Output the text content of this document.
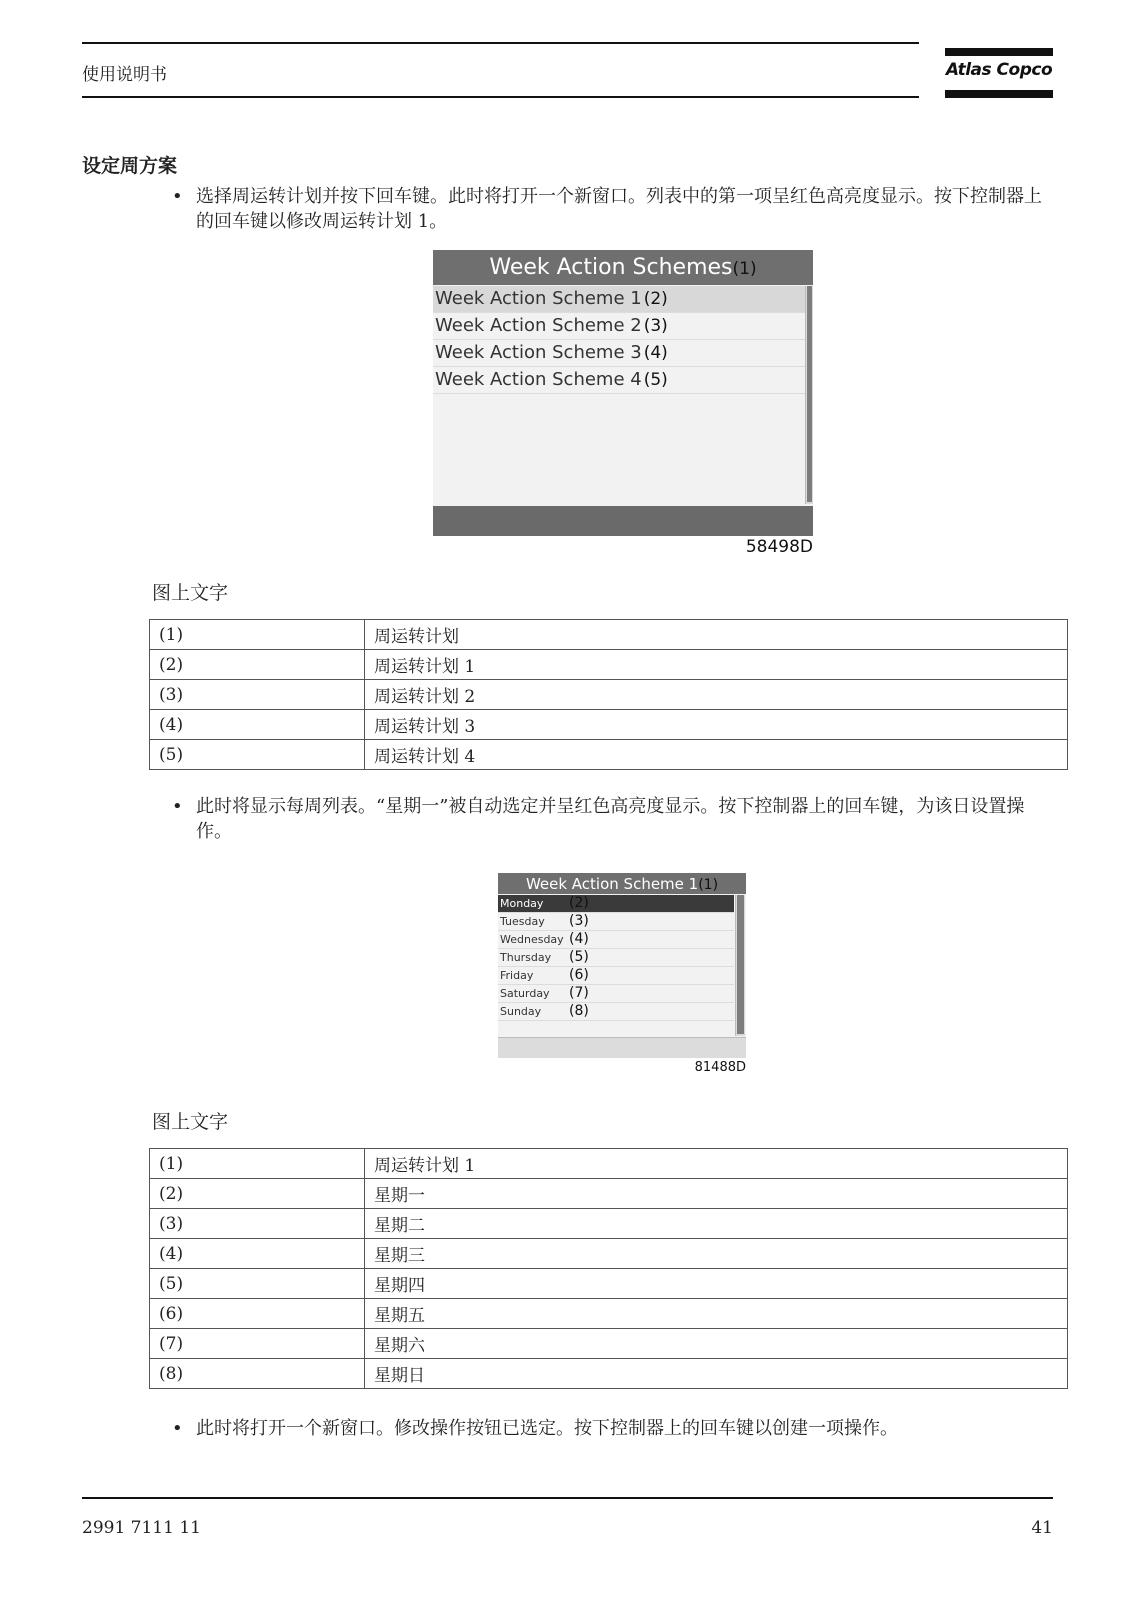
使用说明书	Atlas Copco
设定周方案
• 选择周运转计划并按下回车键。此时将打开一个新窗口。列表中的第一项呈红色高亮度显示。按下控制器上的回车键以修改周运转计划 1。
Week Action Schemes(1)
Week Action Scheme 1 (2)
Week Action Scheme 2 (3)
Week Action Scheme 3 (4)
Week Action Scheme 4 (5)
58498D
图上文字
(1)	周运转计划
(2)	周运转计划 1
(3)	周运转计划 2
(4)	周运转计划 3
(5)	周运转计划 4
• 此时将显示每周列表。“星期一”被自动选定并呈红色高亮度显示。按下控制器上的回车键，为该日设置操作。
Week Action Scheme 1(1)
Monday (2)
Tuesday (3)
Wednesday (4)
Thursday (5)
Friday	(6)
Saturday (7)
Sunday (8)
81488D
图上文字
(1)	周运转计划 1
(2)	星期一
(3)	星期二
(4)	星期三
(5)	星期四
(6)	星期五
(7)	星期六
(8)	星期日
• 此时将打开一个新窗口。修改操作按钮已选定。按下控制器上的回车键以创建一项操作。
2991 7111 11	41
